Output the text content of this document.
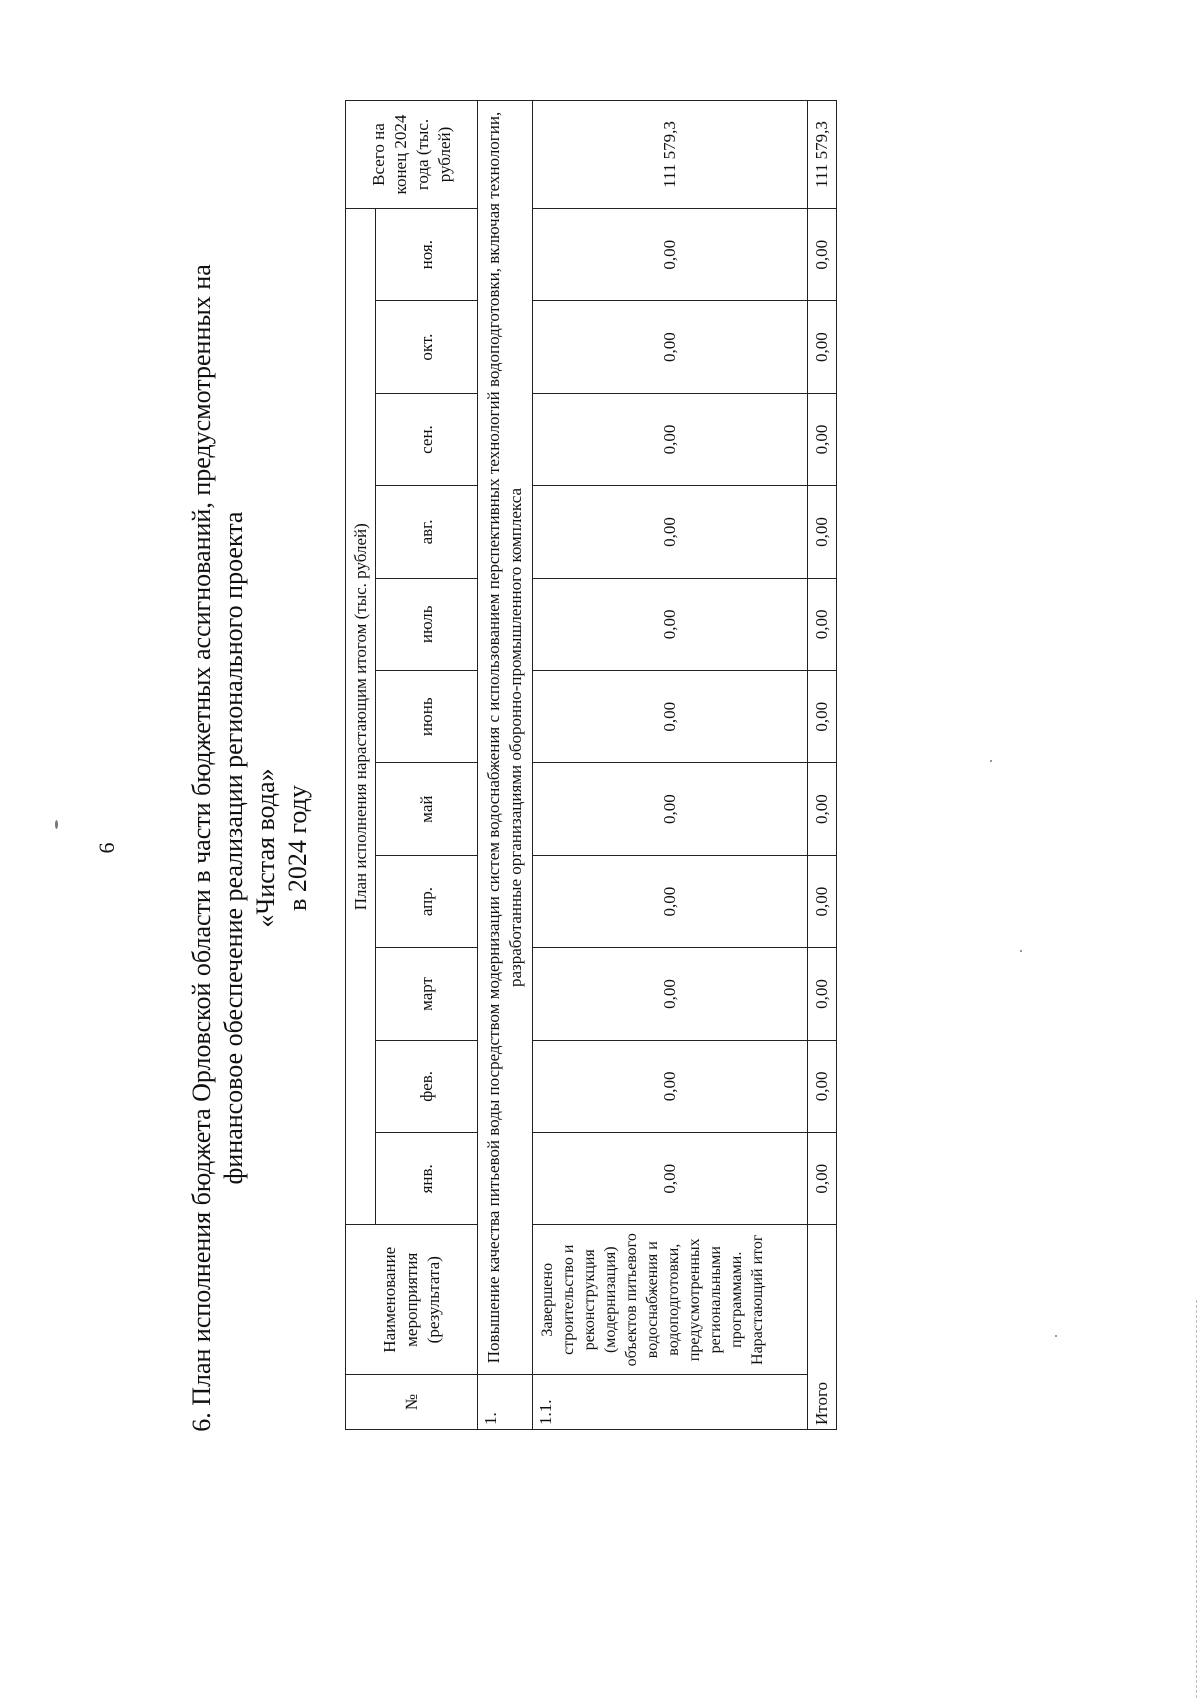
6	6. План исполнения бюджета Орловской области в части бюджетных ассигнований, предусмотренных на финансовое обеспечение реализации регионального проекта «Чистая вода» в 2024 году
№	Наименование мероприятия (результата)	План исполнения нарастающим итогом (тыс. рублей)											Всего на конец 2024 года (тыс. рублей)
		янв.	фев.	март	апр.	май	июнь	июль	авг.	сен.	окт.	ноя.	
1.	Повышение качества питьевой воды посредством модернизации систем водоснабжения с использованием перспективных технологий водоподготовки, включая технологии, разработанные организациями оборонно-промышленного комплекса												
1.1.	Завершено строительство и реконструкция (модернизация) объектов питьевого водоснабжения и водоподготовки, предусмотренных региональными программами. Нарастающий итог	0,00	0,00	0,00	0,00	0,00	0,00	0,00	0,00	0,00	0,00	0,00	111 579,3
Итого		0,00	0,00	0,00	0,00	0,00	0,00	0,00	0,00	0,00	0,00	0,00	111 579,3
